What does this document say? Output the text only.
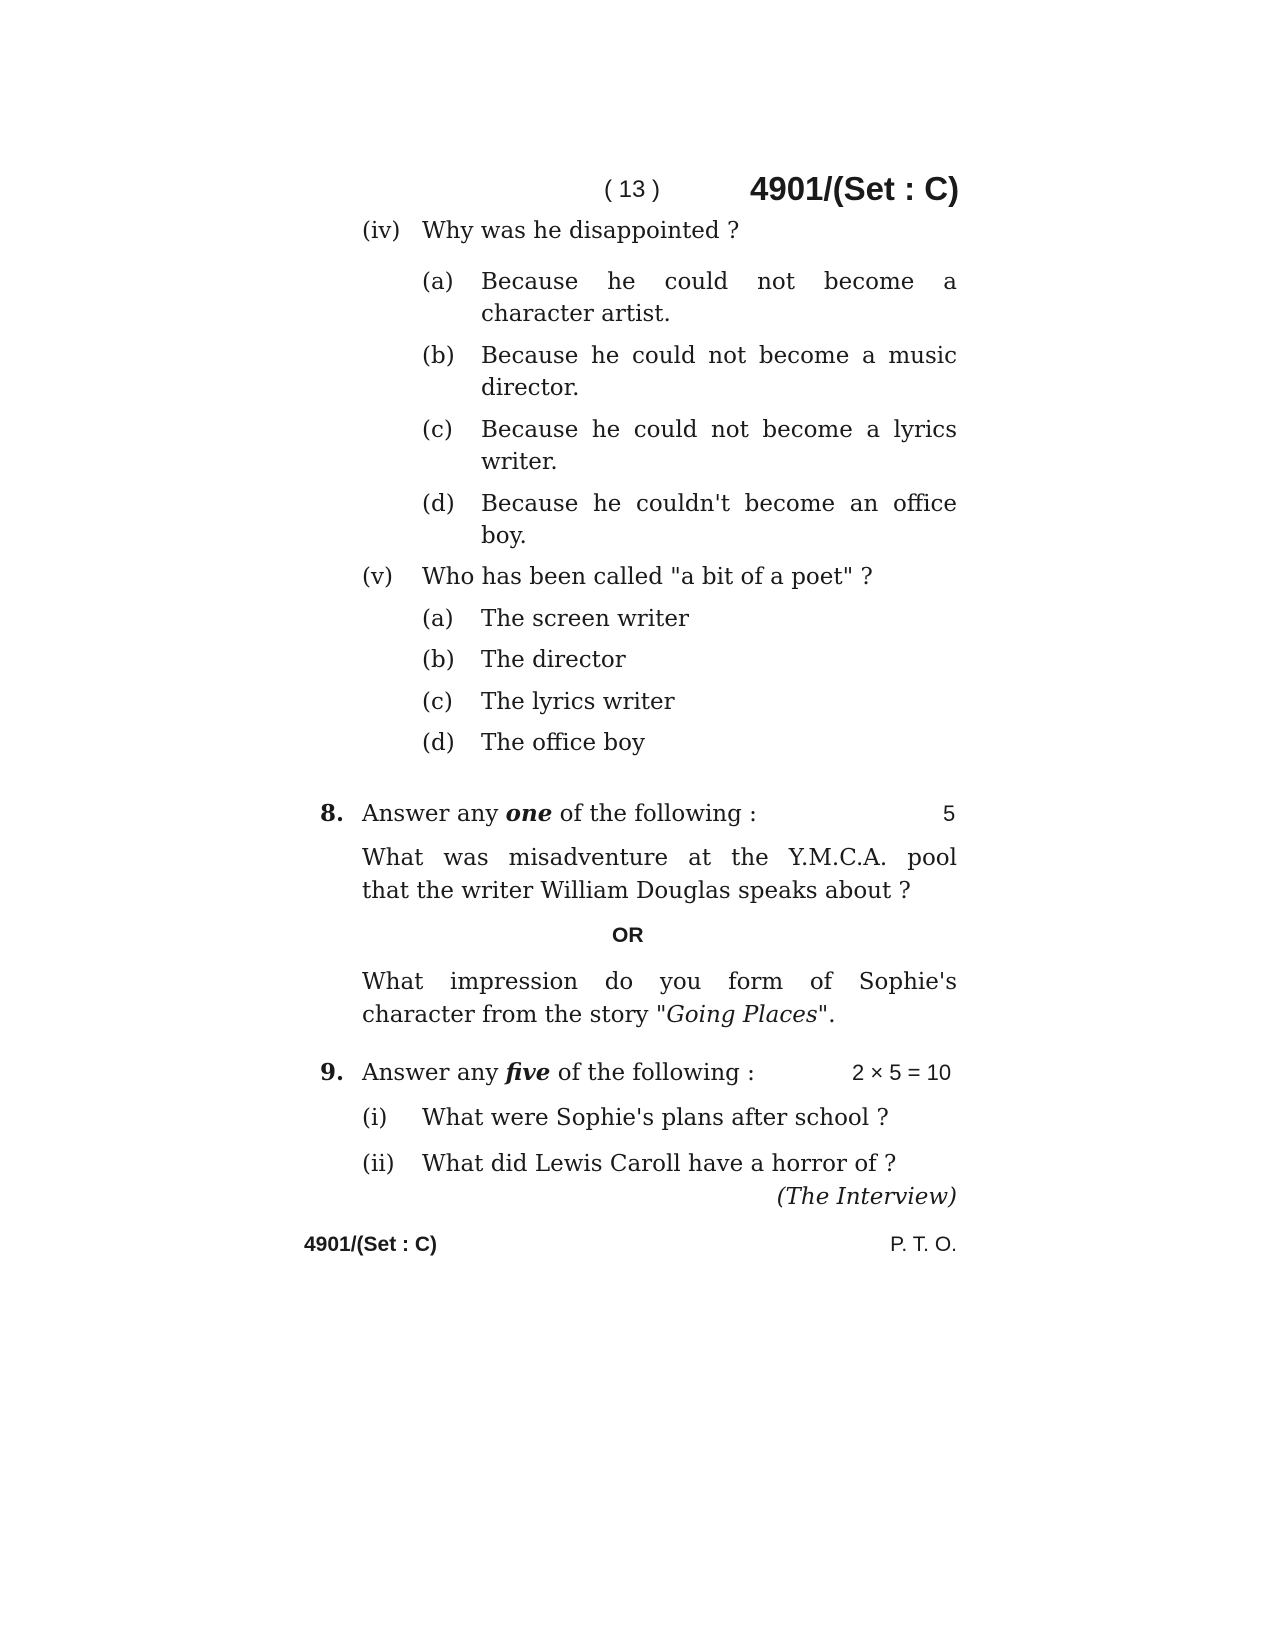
( 13 )	4901/(Set : C)
(iv) Why was he disappointed ?
(a) Because he could not become a
character artist.
(b) Because he could not become a music
director.
(c) Because he could not become a lyrics
writer.
(d) Because he couldn't become an office
boy.
(v) Who has been called "a bit of a poet" ?
(a) The screen writer
(b) The director
(c) The lyrics writer
(d) The office boy
8. Answer any one of the following :	5
What was misadventure at the Y.M.C.A. pool
that the writer William Douglas speaks about ?
OR
What impression do you form of Sophie's
character from the story "Going Places".
9. Answer any five of the following :	2 × 5 = 10
(i) What were Sophie's plans after school ?
(ii) What did Lewis Caroll have a horror of ?
(The Interview)
4901/(Set : C)	P. T. O.
